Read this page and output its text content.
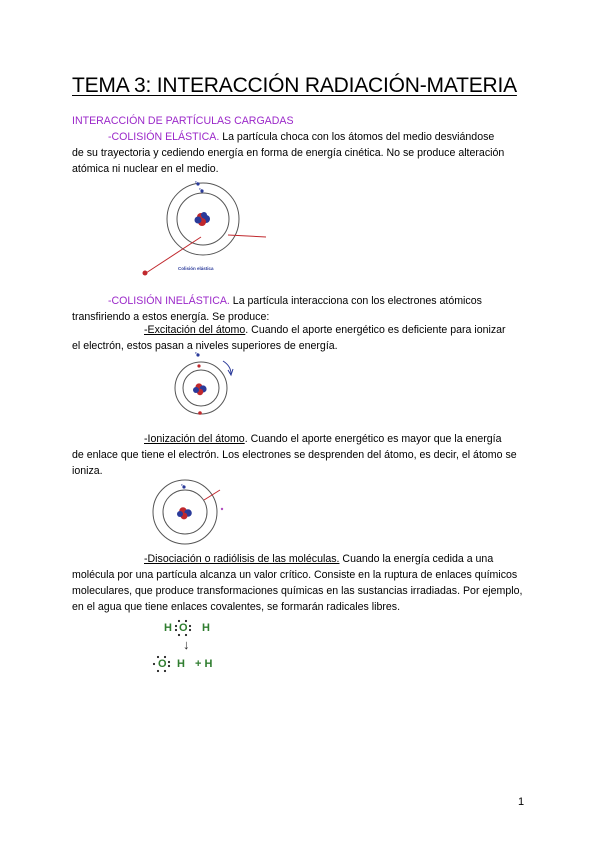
TEMA 3: INTERACCIÓN RADIACIÓN-MATERIA
INTERACCIÓN DE PARTÍCULAS CARGADAS
-COLISIÓN ELÁSTICA. La partícula choca con los átomos del medio desviándose
de su trayectoria y cediendo energía en forma de energía cinética. No se produce alteración atómica ni nuclear en el medio.
Colisión elástica
e-
e-
-COLISIÓN INELÁSTICA. La partícula interacciona con los electrones atómicos
transfiriendo a estos energía. Se produce:
-Excitación del átomo. Cuando el aporte energético es deficiente para ionizar
el electrón, estos pasan a niveles superiores de energía.
e-
-Ionización del átomo. Cuando el aporte energético es mayor que la energía
de enlace que tiene el electrón. Los electrones se desprenden del átomo, es decir, el átomo se ioniza.
e-
-Disociación o radiólisis de las moléculas. Cuando la energía cedida a una
molécula por una partícula alcanza un valor crítico. Consiste en la ruptura de enlaces químicos moleculares, que produce transformaciones químicas en las sustancias irradiadas. Por ejemplo, en el agua que tiene enlaces covalentes, se formarán radicales libres.
H O H
↓
O H + H
1
